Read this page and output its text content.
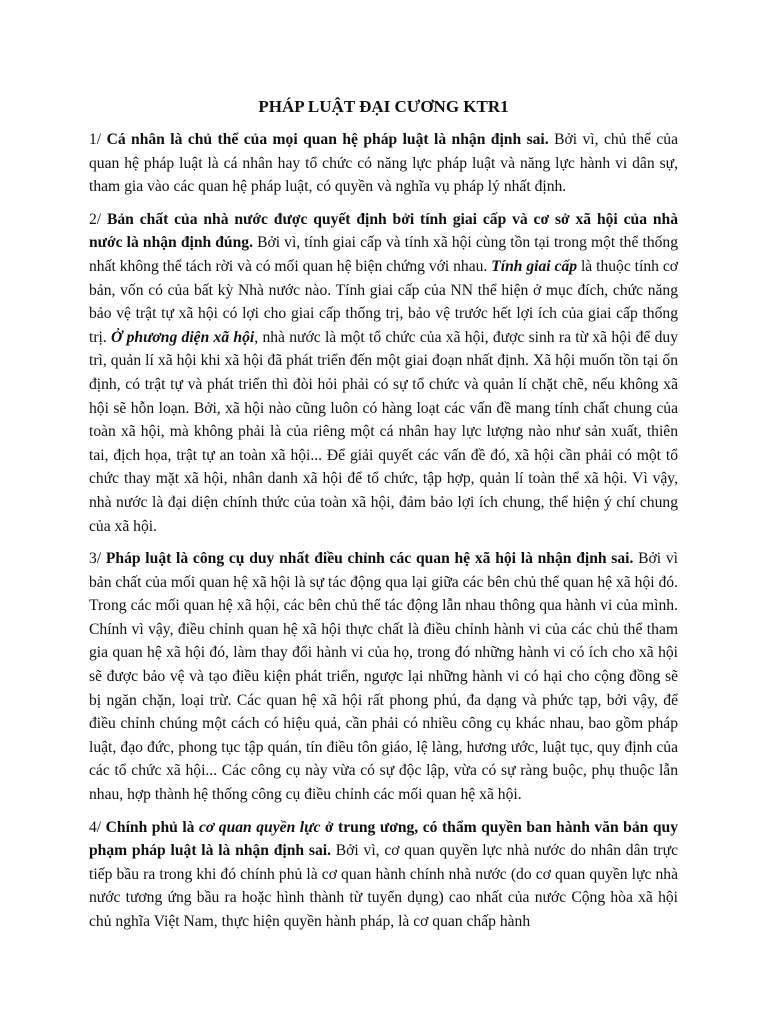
PHÁP LUẬT ĐẠI CƯƠNG KTR1

1/ Cá nhân là chủ thể của mọi quan hệ pháp luật là nhận định sai. Bởi vì, chủ thể của quan hệ pháp luật là cá nhân hay tổ chức có năng lực pháp luật và năng lực hành vi dân sự, tham gia vào các quan hệ pháp luật, có quyền và nghĩa vụ pháp lý nhất định.

2/ Bản chất của nhà nước được quyết định bởi tính giai cấp và cơ sở xã hội của nhà nước là nhận định đúng. Bởi vì, tính giai cấp và tính xã hội cùng tồn tại trong một thể thống nhất không thể tách rời và có mối quan hệ biện chứng với nhau. Tính giai cấp là thuộc tính cơ bản, vốn có của bất kỳ Nhà nước nào. Tính giai cấp của NN thể hiện ở mục đích, chức năng bảo vệ trật tự xã hội có lợi cho giai cấp thống trị, bảo vệ trước hết lợi ích của giai cấp thống trị. Ở phương diện xã hội, nhà nước là một tổ chức của xã hội, được sinh ra từ xã hội để duy trì, quản lí xã hội khi xã hội đã phát triển đến một giai đoạn nhất định. Xã hội muốn tồn tại ổn định, có trật tự và phát triển thì đòi hỏi phải có sự tổ chức và quản lí chặt chẽ, nếu không xã hội sẽ hỗn loạn. Bởi, xã hội nào cũng luôn có hàng loạt các vấn đề mang tính chất chung của toàn xã hội, mà không phải là của riêng một cá nhân hay lực lượng nào như sản xuất, thiên tai, địch họa, trật tự an toàn xã hội... Để giải quyết các vấn đề đó, xã hội cần phải có một tổ chức thay mặt xã hội, nhân danh xã hội để tổ chức, tập hợp, quản lí toàn thể xã hội. Vì vậy, nhà nước là đại diện chính thức của toàn xã hội, đảm bảo lợi ích chung, thể hiện ý chí chung của xã hội.

3/ Pháp luật là công cụ duy nhất điều chỉnh các quan hệ xã hội là nhận định sai. Bởi vì bản chất của mối quan hệ xã hội là sự tác động qua lại giữa các bên chủ thể quan hệ xã hội đó. Trong các mối quan hệ xã hội, các bên chủ thể tác động lẫn nhau thông qua hành vi của mình. Chính vì vậy, điều chỉnh quan hệ xã hội thực chất là điều chỉnh hành vi của các chủ thể tham gia quan hệ xã hội đó, làm thay đổi hành vi của họ, trong đó những hành vi có ích cho xã hội sẽ được bảo vệ và tạo điều kiện phát triển, ngược lại những hành vi có hại cho cộng đồng sẽ bị ngăn chặn, loại trừ. Các quan hệ xã hội rất phong phú, đa dạng và phức tạp, bởi vậy, để điều chỉnh chúng một cách có hiệu quả, cần phải có nhiều công cụ khác nhau, bao gồm pháp luật, đạo đức, phong tục tập quán, tín điều tôn giáo, lệ làng, hương ước, luật tục, quy định của các tổ chức xã hội... Các công cụ này vừa có sự độc lập, vừa có sự ràng buộc, phụ thuộc lẫn nhau, hợp thành hệ thống công cụ điều chỉnh các mối quan hệ xã hội.

4/ Chính phủ là cơ quan quyền lực ở trung ương, có thẩm quyền ban hành văn bản quy phạm pháp luật là là nhận định sai. Bởi vì, cơ quan quyền lực nhà nước do nhân dân trực tiếp bầu ra trong khi đó chính phủ là cơ quan hành chính nhà nước (do cơ quan quyền lực nhà nước tương ứng bầu ra hoặc hình thành từ tuyển dụng) cao nhất của nước Cộng hòa xã hội chủ nghĩa Việt Nam, thực hiện quyền hành pháp, là cơ quan chấp hành
